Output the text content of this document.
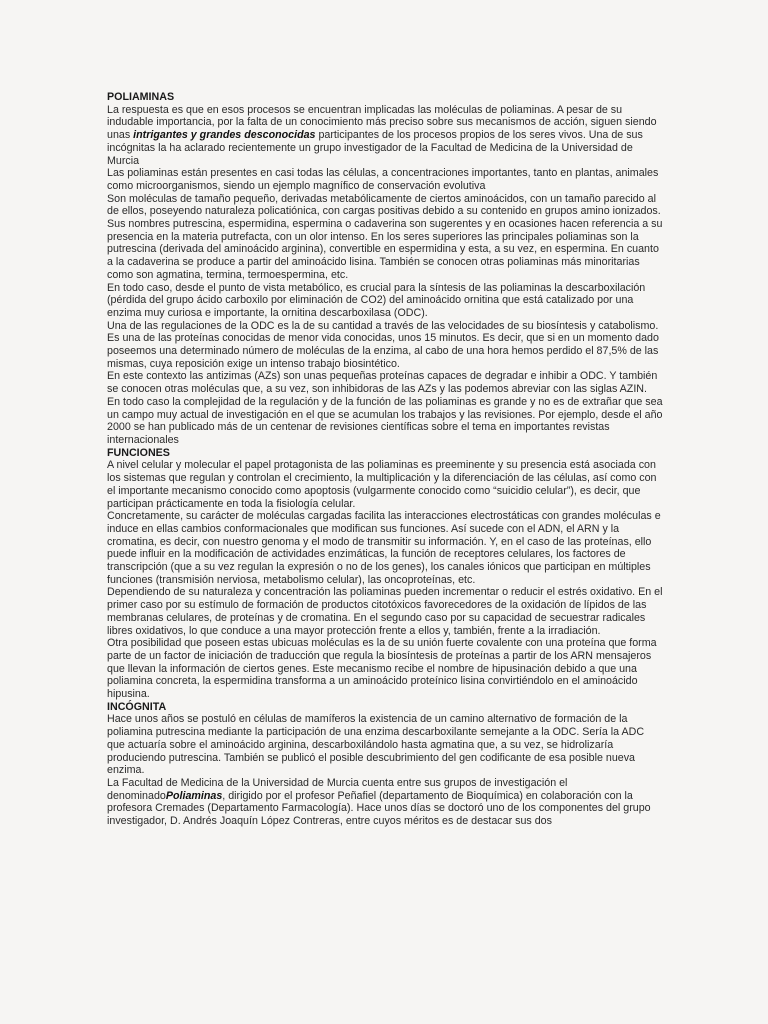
POLIAMINAS

La respuesta es que en esos procesos se encuentran implicadas las moléculas de poliaminas. A pesar de su indudable importancia, por la falta de un conocimiento más preciso sobre sus mecanismos de acción, siguen siendo unas intrigantes y grandes desconocidas participantes de los procesos propios de los seres vivos. Una de sus incógnitas la ha aclarado recientemente un grupo investigador de la Facultad de Medicina de la Universidad de Murcia

Las poliaminas están presentes en casi todas las células, a concentraciones importantes, tanto en plantas, animales como microorganismos, siendo un ejemplo magnífico de conservación evolutiva

Son moléculas de tamaño pequeño, derivadas metabólicamente de ciertos aminoácidos, con un tamaño parecido al de ellos, poseyendo naturaleza policatiónica, con cargas positivas debido a su contenido en grupos amino ionizados.

Sus nombres putrescina, espermidina, espermina o cadaverina son sugerentes y en ocasiones hacen referencia a su presencia en la materia putrefacta, con un olor intenso. En los seres superiores las principales poliaminas son la putrescina (derivada del aminoácido arginina), convertible en espermidina y esta, a su vez, en espermina. En cuanto a la cadaverina se produce a partir del aminoácido lisina. También se conocen otras poliaminas más minoritarias como son agmatina, termina, termoespermina, etc.

En todo caso, desde el punto de vista metabólico, es crucial para la síntesis de las poliaminas la descarboxilación (pérdida del grupo ácido carboxilo por eliminación de CO2) del aminoácido ornitina que está catalizado por una enzima muy curiosa e importante, la ornitina descarboxilasa (ODC).

Una de las regulaciones de la ODC es la de su cantidad a través de las velocidades de su biosíntesis y catabolismo. Es una de las proteínas conocidas de menor vida conocidas, unos 15 minutos. Es decir, que si en un momento dado poseemos una determinado número de moléculas de la enzima, al cabo de una hora hemos perdido el 87,5% de las mismas, cuya reposición exige un intenso trabajo biosintético.

En este contexto las antizimas (AZs) son unas pequeñas proteínas capaces de degradar e inhibir a ODC. Y también se conocen otras moléculas que, a su vez, son inhibidoras de las AZs y las podemos abreviar con las siglas AZIN.

En todo caso la complejidad de la regulación y de la función de las poliaminas es grande y no es de extrañar que sea un campo muy actual de investigación en el que se acumulan los trabajos y las revisiones. Por ejemplo, desde el año 2000 se han publicado más de un centenar de revisiones científicas sobre el tema en importantes revistas internacionales

FUNCIONES

A nivel celular y molecular el papel protagonista de las poliaminas es preeminente y su presencia está asociada con los sistemas que regulan y controlan el crecimiento, la multiplicación y la diferenciación de las células, así como con el importante mecanismo conocido como apoptosis (vulgarmente conocido como “suicidio celular”), es decir, que participan prácticamente en toda la fisiología celular.

Concretamente, su carácter de moléculas cargadas facilita las interacciones electrostáticas con grandes moléculas e induce en ellas cambios conformacionales que modifican sus funciones. Así sucede con el ADN, el ARN y la cromatina, es decir, con nuestro genoma y el modo de transmitir su información. Y, en el caso de las proteínas, ello puede influir en la modificación de actividades enzimáticas, la función de receptores celulares, los factores de transcripción (que a su vez regulan la expresión o no de los genes), los canales iónicos que participan en múltiples funciones (transmisión nerviosa, metabolismo celular), las oncoproteínas, etc.

Dependiendo de su naturaleza y concentración las poliaminas pueden incrementar o reducir el estrés oxidativo. En el primer caso por su estímulo de formación de productos citotóxicos favorecedores de la oxidación de lípidos de las membranas celulares, de proteínas y de cromatina. En el segundo caso por su capacidad de secuestrar radicales libres oxidativos, lo que conduce a una mayor protección frente a ellos y, también, frente a la irradiación.

Otra posibilidad que poseen estas ubicuas moléculas es la de su unión fuerte covalente con una proteína que forma parte de un factor de iniciación de traducción que regula la biosíntesis de proteínas a partir de los ARN mensajeros que llevan la información de ciertos genes. Este mecanismo recibe el nombre de hipusinación debido a que una poliamina concreta, la espermidina transforma a un aminoácido proteínico lisina convirtiéndolo en el aminoácido hipusina.

INCÓGNITA

Hace unos años se postuló en células de mamíferos la existencia de un camino alternativo de formación de la poliamina putrescina mediante la participación de una enzima descarboxilante semejante a la ODC. Sería la ADC que actuaría sobre el aminoácido arginina, descarboxilándolo hasta agmatina que, a su vez, se hidrolizaría produciendo putrescina. También se publicó el posible descubrimiento del gen codificante de esa posible nueva enzima.

La Facultad de Medicina de la Universidad de Murcia cuenta entre sus grupos de investigación el denominadoPoliaminas, dirigido por el profesor Peñafiel (departamento de Bioquímica) en colaboración con la profesora Cremades (Departamento Farmacología). Hace unos días se doctoró uno de los componentes del grupo investigador, D. Andrés Joaquín López Contreras, entre cuyos méritos es de destacar sus dos
